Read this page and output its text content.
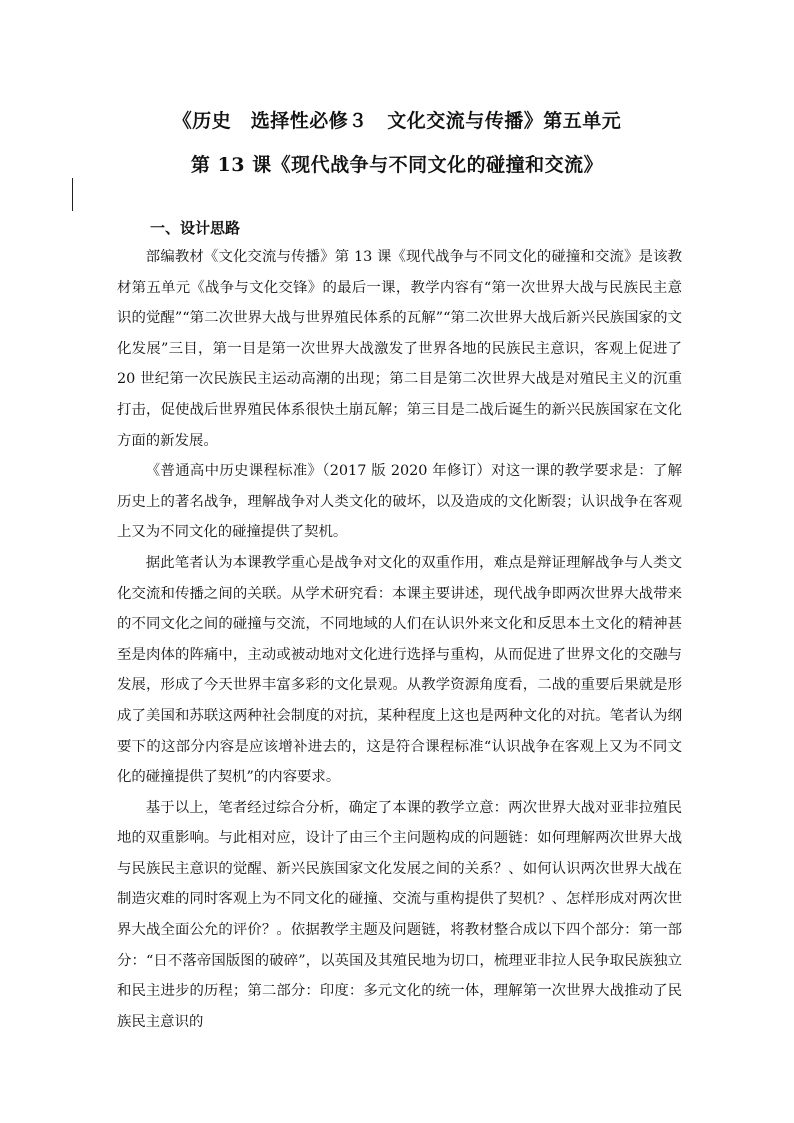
《历史　选择性必修３　文化交流与传播》第五单元
第 13 课《现代战争与不同文化的碰撞和交流》
一、设计思路

部编教材《文化交流与传播》第 13 课《现代战争与不同文化的碰撞和交流》是该教材第五单元《战争与文化交锋》的最后一课，教学内容有“第一次世界大战与民族民主意识的觉醒”“第二次世界大战与世界殖民体系的瓦解”“第二次世界大战后新兴民族国家的文化发展”三目，第一目是第一次世界大战激发了世界各地的民族民主意识，客观上促进了 20 世纪第一次民族民主运动高潮的出现；第二目是第二次世界大战是对殖民主义的沉重打击，促使战后世界殖民体系很快土崩瓦解；第三目是二战后诞生的新兴民族国家在文化方面的新发展。

《普通高中历史课程标准》（2017 版 2020 年修订）对这一课的教学要求是：了解历史上的著名战争，理解战争对人类文化的破坏，以及造成的文化断裂；认识战争在客观上又为不同文化的碰撞提供了契机。

据此笔者认为本课教学重心是战争对文化的双重作用，难点是辩证理解战争与人类文化交流和传播之间的关联。从学术研究看：本课主要讲述，现代战争即两次世界大战带来的不同文化之间的碰撞与交流，不同地域的人们在认识外来文化和反思本土文化的精神甚至是肉体的阵痛中，主动或被动地对文化进行选择与重构，从而促进了世界文化的交融与发展，形成了今天世界丰富多彩的文化景观。从教学资源角度看，二战的重要后果就是形成了美国和苏联这两种社会制度的对抗，某种程度上这也是两种文化的对抗。笔者认为纲要下的这部分内容是应该增补进去的，这是符合课程标准“认识战争在客观上又为不同文化的碰撞提供了契机”的内容要求。

基于以上，笔者经过综合分析，确定了本课的教学立意：两次世界大战对亚非拉殖民地的双重影响。与此相对应，设计了由三个主问题构成的问题链：如何理解两次世界大战与民族民主意识的觉醒、新兴民族国家文化发展之间的关系？、如何认识两次世界大战在制造灾难的同时客观上为不同文化的碰撞、交流与重构提供了契机？、怎样形成对两次世界大战全面公允的评价？。依据教学主题及问题链，将教材整合成以下四个部分：第一部分：“日不落帝国版图的破碎”，以英国及其殖民地为切口，梳理亚非拉人民争取民族独立和民主进步的历程；第二部分：印度：多元文化的统一体，理解第一次世界大战推动了民族民主意识的
